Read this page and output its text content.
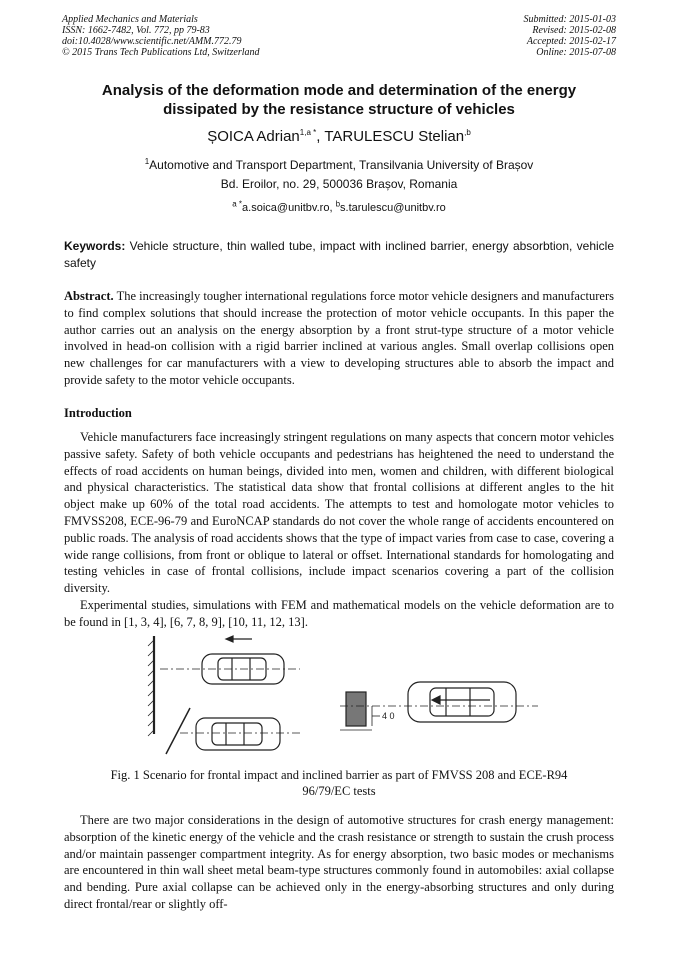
Applied Mechanics and Materials
ISSN: 1662-7482, Vol. 772, pp 79-83
doi:10.4028/www.scientific.net/AMM.772.79
© 2015 Trans Tech Publications Ltd, Switzerland
Submitted: 2015-01-03
Revised: 2015-02-08
Accepted: 2015-02-17
Online: 2015-07-08
Analysis of the deformation mode and determination of the energy
dissipated by the resistance structure of vehicles
ȘOICA Adrian$^{1,a *}$, TARULESCU Stelian$^{,b}$
$^1$Automotive and Transport Department, Transilvania University of Brașov
Bd. Eroilor, no. 29, 500036 Brașov, Romania
$^{a *}$a.soica@unitbv.ro, $^b$s.tarulescu@unitbv.ro
Keywords: Vehicle structure, thin walled tube, impact with inclined barrier, energy absorbtion, vehicle safety
Abstract. The increasingly tougher international regulations force motor vehicle designers and manufacturers to find complex solutions that should increase the protection of motor vehicle occupants. In this paper the author carries out an analysis on the energy absorption by a front strut-type structure of a motor vehicle involved in head-on collision with a rigid barrier inclined at various angles. Small overlap collisions open new challenges for car manufacturers with a view to developing structures able to absorb the impact and provide safety to the motor vehicle occupants.
Introduction

Vehicle manufacturers face increasingly stringent regulations on many aspects that concern motor vehicles passive safety. Safety of both vehicle occupants and pedestrians has heightened the need to understand the effects of road accidents on human beings, divided into men, women and children, with different biological and physical characteristics. The statistical data show that frontal collisions at different angles to the hit object make up 60% of the total road accidents. The attempts to test and homologate motor vehicles to FMVSS208, ECE-96-79 and EuroNCAP standards do not cover the whole range of accidents encountered on public roads. The analysis of road accidents shows that the type of impact varies from case to case, covering a wide range collisions, from front or oblique to lateral or offset. International standards for homologating and testing vehicles in case of frontal collisions, include impact scenarios covering a part of the collision diversity.

Experimental studies, simulations with FEM and mathematical models on the vehicle deformation are to be found in [1, 3, 4], [6, 7, 8, 9], [10, 11, 12, 13].

4 0
Fig. 1 Scenario for frontal impact and inclined barrier as part of FMVSS 208 and ECE-R94
96/79/EC tests

There are two major considerations in the design of automotive structures for crash energy management: absorption of the kinetic energy of the vehicle and the crash resistance or strength to sustain the crush process and/or maintain passenger compartment integrity. As for energy absorption, two basic modes or mechanisms are encountered in thin wall sheet metal beam-type structures commonly found in automobiles: axial collapse and bending. Pure axial collapse can be achieved only in the energy-absorbing structures and only during direct frontal/rear or slightly off-
